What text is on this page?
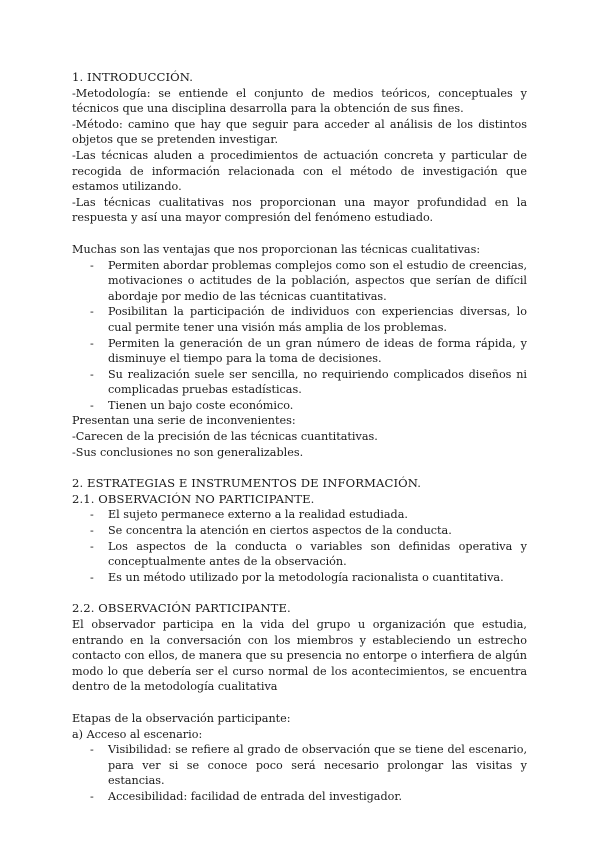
1. INTRODUCCIÓN.

-Metodología: se entiende el conjunto de medios teóricos, conceptuales y técnicos que una disciplina desarrolla para la obtención de sus fines.

-Método: camino que hay que seguir para acceder al análisis de los distintos objetos que se pretenden investigar.

-Las técnicas aluden a procedimientos de actuación concreta y particular de recogida de información relacionada con el método de investigación que estamos utilizando.

-Las técnicas cualitativas nos proporcionan una mayor profundidad en la respuesta y así una mayor compresión del fenómeno estudiado.

Muchas son las ventajas que nos proporcionan las técnicas cualitativas:

- Permiten abordar problemas complejos como son el estudio de creencias, motivaciones o actitudes de la población, aspectos que serían de difícil abordaje por medio de las técnicas cuantitativas.
- Posibilitan la participación de individuos con experiencias diversas, lo cual permite tener una visión más amplia de los problemas.
- Permiten la generación de un gran número de ideas de forma rápida, y disminuye el tiempo para la toma de decisiones.
- Su realización suele ser sencilla, no requiriendo complicados diseños ni complicadas pruebas estadísticas.
- Tienen un bajo coste económico.

Presentan una serie de inconvenientes:

-Carecen de la precisión de las técnicas cuantitativas.

-Sus conclusiones no son generalizables.

2. ESTRATEGIAS E INSTRUMENTOS DE INFORMACIÓN.

2.1. OBSERVACIÓN NO PARTICIPANTE.

- El sujeto permanece externo a la realidad estudiada.
- Se concentra la atención en ciertos aspectos de la conducta.
- Los aspectos de la conducta o variables son definidas operativa y conceptualmente antes de la observación.
- Es un método utilizado por la metodología racionalista o cuantitativa.

2.2. OBSERVACIÓN PARTICIPANTE.

El observador participa en la vida del grupo u organización que estudia, entrando en la conversación con los miembros y estableciendo un estrecho contacto con ellos, de manera que su presencia no entorpe o interfiera de algún modo lo que debería ser el curso normal de los acontecimientos, se encuentra dentro de la metodología cualitativa

Etapas de la observación participante:

a) Acceso al escenario:

- Visibilidad: se refiere al grado de observación que se tiene del escenario, para ver si se conoce poco será necesario prolongar las visitas y estancias.
- Accesibilidad: facilidad de entrada del investigador.
